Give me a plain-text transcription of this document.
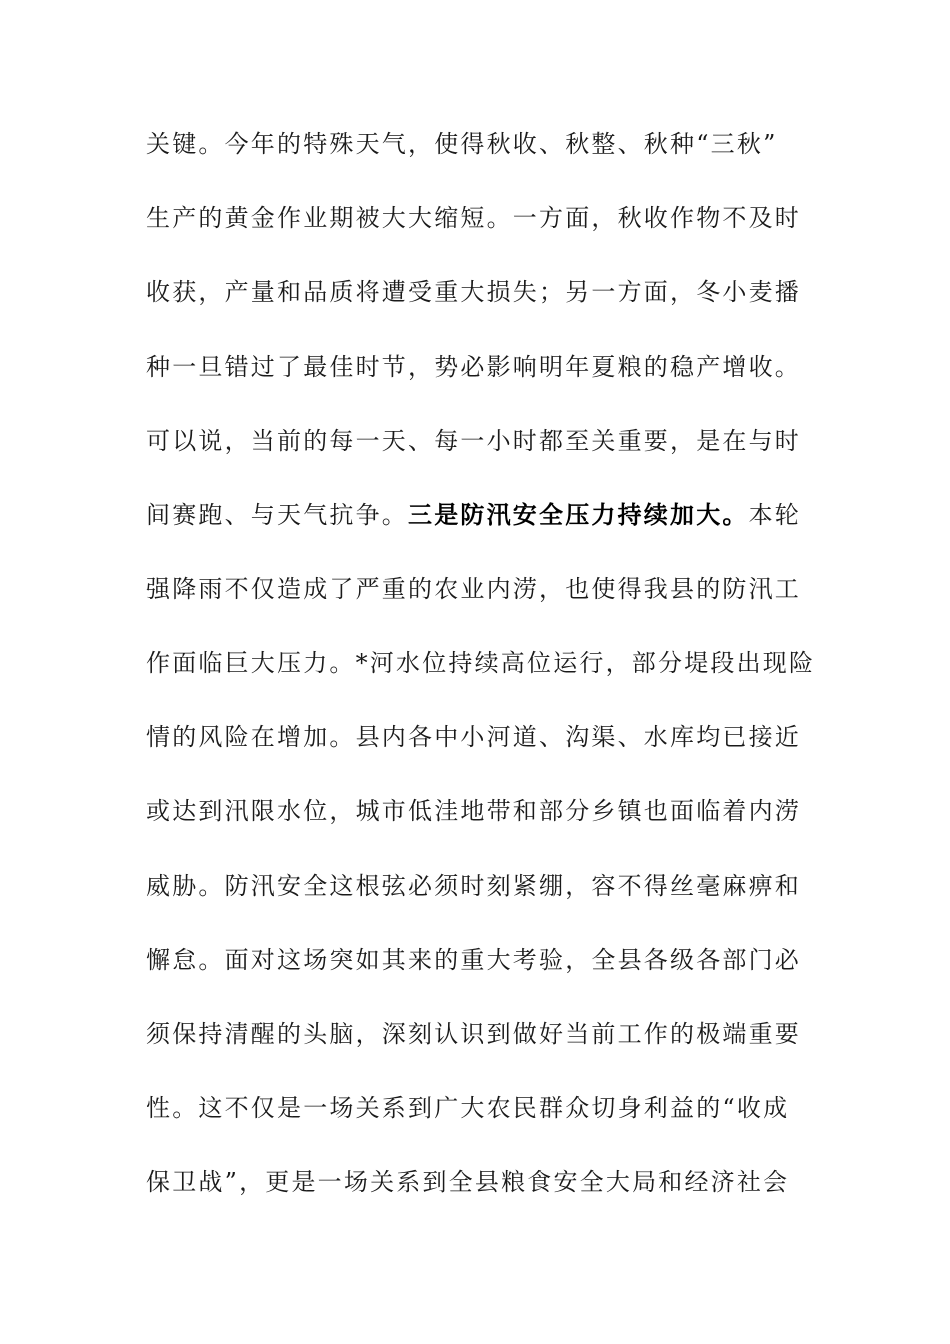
关键。今年的特殊天气，使得秋收、秋整、秋种“三秋”
生产的黄金作业期被大大缩短。一方面，秋收作物不及时
收获，产量和品质将遭受重大损失；另一方面，冬小麦播
种一旦错过了最佳时节，势必影响明年夏粮的稳产增收。
可以说，当前的每一天、每一小时都至关重要，是在与时
间赛跑、与天气抗争。三是防汛安全压力持续加大。本轮
强降雨不仅造成了严重的农业内涝，也使得我县的防汛工
作面临巨大压力。*河水位持续高位运行，部分堤段出现险
情的风险在增加。县内各中小河道、沟渠、水库均已接近
或达到汛限水位，城市低洼地带和部分乡镇也面临着内涝
威胁。防汛安全这根弦必须时刻紧绷，容不得丝毫麻痹和
懈怠。面对这场突如其来的重大考验，全县各级各部门必
须保持清醒的头脑，深刻认识到做好当前工作的极端重要
性。这不仅是一场关系到广大农民群众切身利益的“收成
保卫战”，更是一场关系到全县粮食安全大局和经济社会
